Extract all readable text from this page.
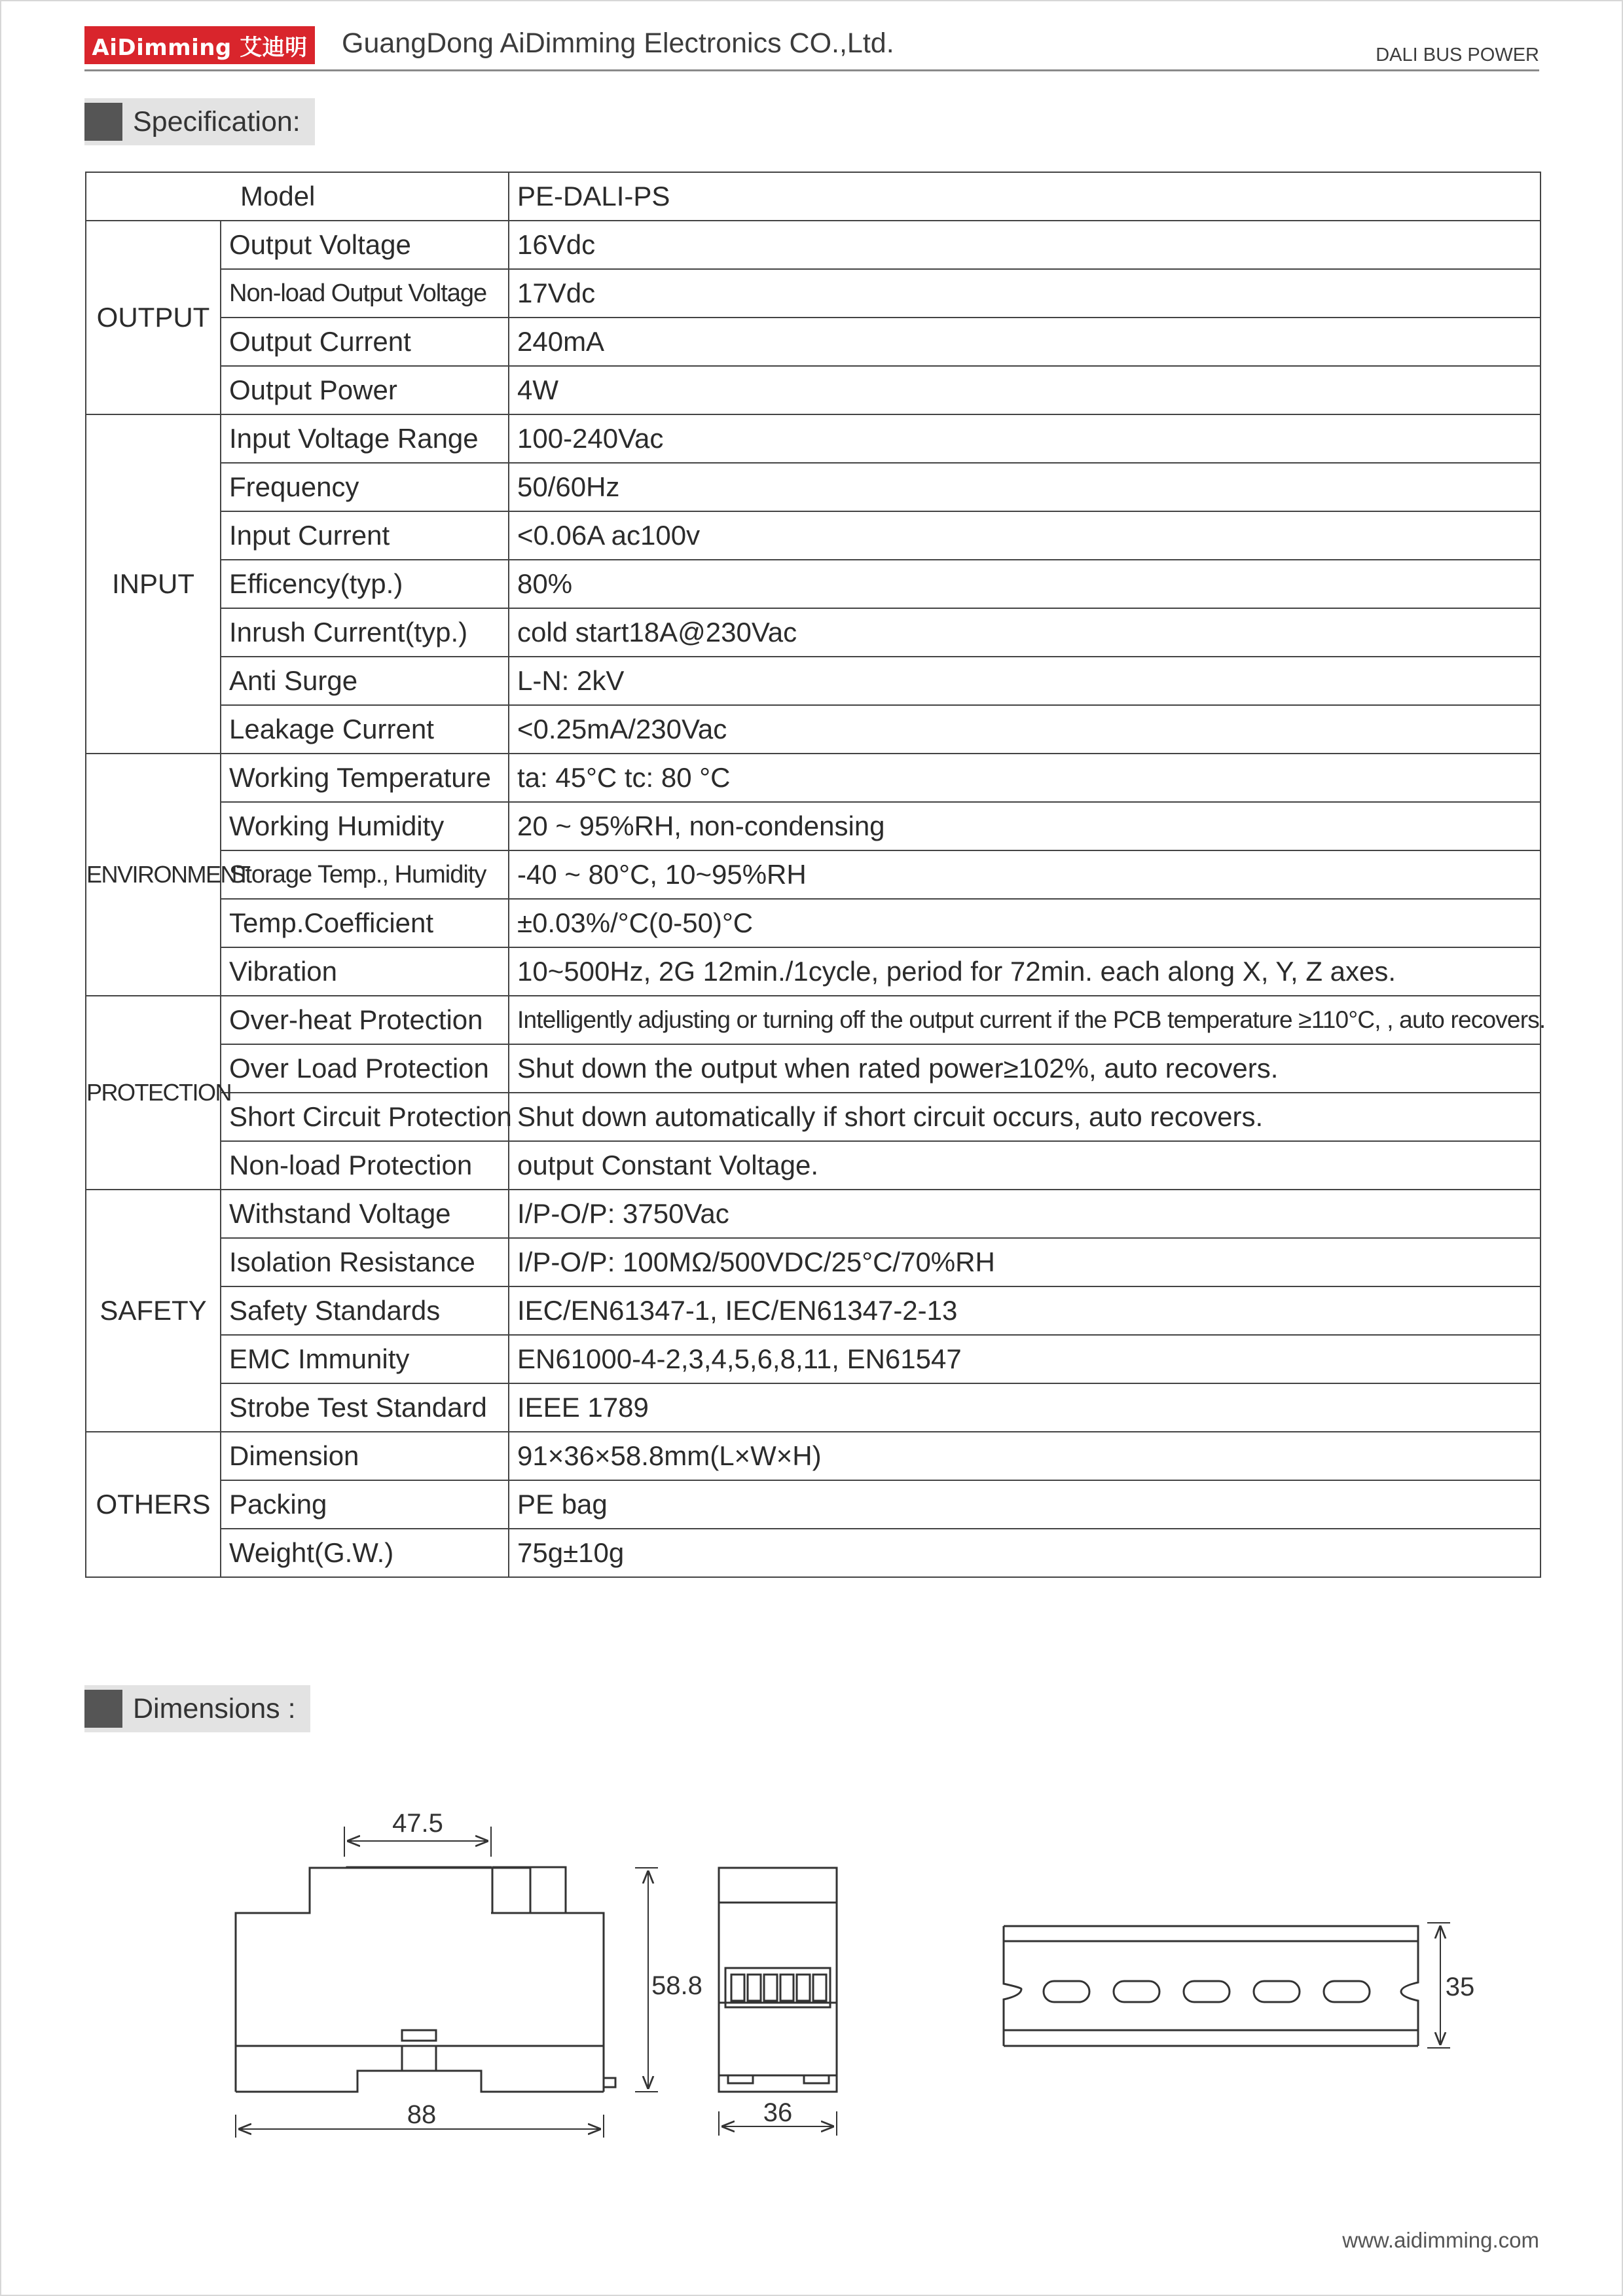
AiDimming 艾迪明 GuangDong AiDimming Electronics CO.,Ltd.	DALI BUS POWER
Specification:
	Model	PE-DALI-PS
OUTPUT	Output Voltage	16Vdc
	Non-load Output Voltage	17Vdc
	Output Current	240mA
	Output Power	4W
INPUT	Input Voltage Range	100-240Vac
	Frequency	50/60Hz
	Input Current	<0.06A ac100v
	Efficency(typ.)	80%
	Inrush Current(typ.)	cold start18A@230Vac
	Anti Surge	L-N: 2kV
	Leakage Current	<0.25mA/230Vac
ENVIRONMENT	Working Temperature	ta: 45°C tc: 80 °C
	Working Humidity	20 ~ 95%RH, non-condensing
	Storage Temp., Humidity	-40 ~ 80°C, 10~95%RH
	Temp.Coefficient	±0.03%/°C(0-50)°C
	Vibration	10~500Hz, 2G 12min./1cycle, period for 72min. each along X, Y, Z axes.
PROTECTION	Over-heat Protection	Intelligently adjusting or turning off the output current if the PCB temperature ≥110°C, , auto recovers.
	Over Load Protection	Shut down the output when rated power≥102%, auto recovers.
	Short Circuit Protection	Shut down automatically if short circuit occurs, auto recovers.
	Non-load Protection	output Constant Voltage.
SAFETY	Withstand Voltage	I/P-O/P: 3750Vac
	Isolation Resistance	I/P-O/P: 100MΩ/500VDC/25°C/70%RH
	Safety Standards	IEC/EN61347-1, IEC/EN61347-2-13
	EMC Immunity	EN61000-4-2,3,4,5,6,8,11, EN61547
	Strobe Test Standard	IEEE 1789
OTHERS	Dimension	91×36×58.8mm(L×W×H)
	Packing	PE bag
	Weight(G.W.)	75g±10g
Dimensions :
47.5
88
58.8
36
35
www.aidimming.com
